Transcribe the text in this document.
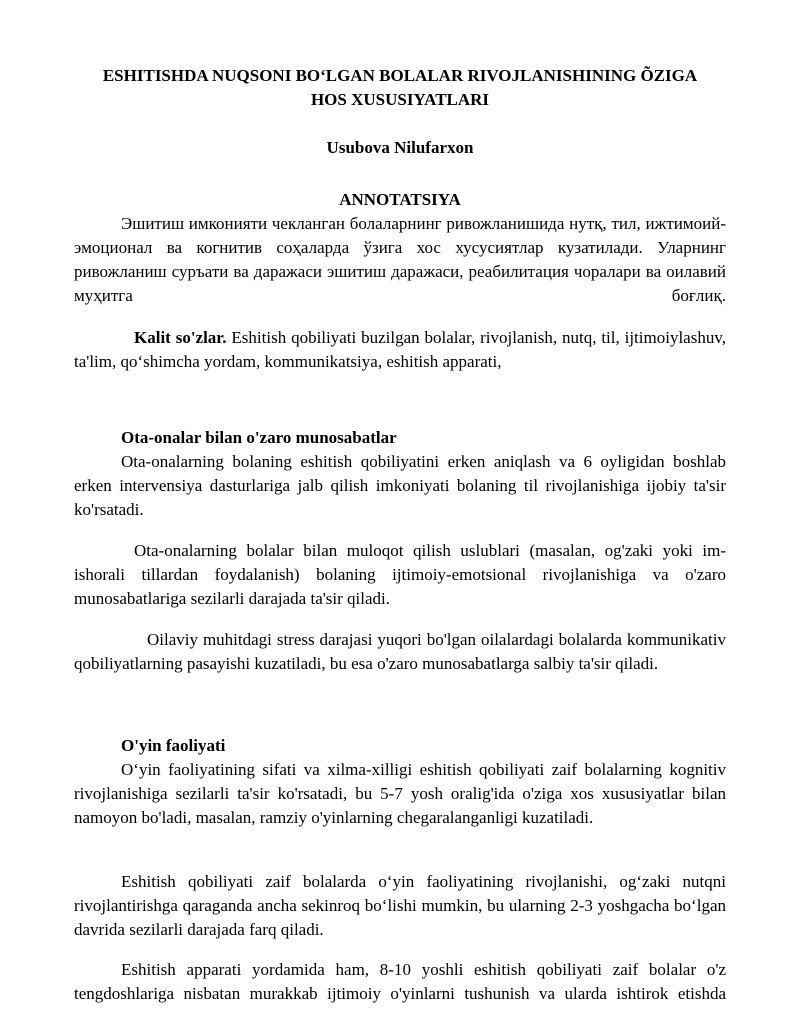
ESHITISHDA NUQSONI BOʻLGAN BOLALAR RIVOJLANISHINING ÕZIGA

HOS XUSUSIYATLARI

Usubova Nilufarxon

ANNOTATSIYA

Эшитиш имконияти чекланган болаларнинг ривожланишида нутқ, тил, ижтимоий-эмоционал ва когнитив соҳаларда ўзига хос хусусиятлар кузатилади. Уларнинг ривожланиш суръати ва даражаси эшитиш даражаси, реабилитация чоралари ва оилавий муҳитга боғлиқ.

Kalit so'zlar. Eshitish qobiliyati buzilgan bolalar, rivojlanish, nutq, til, ijtimoiylashuv, ta'lim, qoʻshimcha yordam, kommunikatsiya, eshitish apparati,

Ota-onalar bilan o'zaro munosabatlar

Ota-onalarning bolaning eshitish qobiliyatini erken aniqlash va 6 oyligidan boshlab erken intervensiya dasturlariga jalb qilish imkoniyati bolaning til rivojlanishiga ijobiy ta'sir ko'rsatadi.

Ota-onalarning bolalar bilan muloqot qilish uslublari (masalan, og'zaki yoki im-ishorali tillardan foydalanish) bolaning ijtimoiy-emotsional rivojlanishiga va o'zaro munosabatlariga sezilarli darajada ta'sir qiladi.

Oilaviy muhitdagi stress darajasi yuqori bo'lgan oilalardagi bolalarda kommunikativ qobiliyatlarning pasayishi kuzatiladi, bu esa o'zaro munosabatlarga salbiy ta'sir qiladi.

O'yin faoliyati

Oʻyin faoliyatining sifati va xilma-xilligi eshitish qobiliyati zaif bolalarning kognitiv rivojlanishiga sezilarli ta'sir ko'rsatadi, bu 5-7 yosh oralig'ida o'ziga xos xususiyatlar bilan namoyon bo'ladi, masalan, ramziy o'yinlarning chegaralanganligi kuzatiladi.

Eshitish qobiliyati zaif bolalarda oʻyin faoliyatining rivojlanishi, ogʻzaki nutqni rivojlantirishga qaraganda ancha sekinroq boʻlishi mumkin, bu ularning 2-3 yoshgacha boʻlgan davrida sezilarli darajada farq qiladi.

Eshitish apparati yordamida ham, 8-10 yoshli eshitish qobiliyati zaif bolalar o'z tengdoshlariga nisbatan murakkab ijtimoiy o'yinlarni tushunish va ularda ishtirok etishda
